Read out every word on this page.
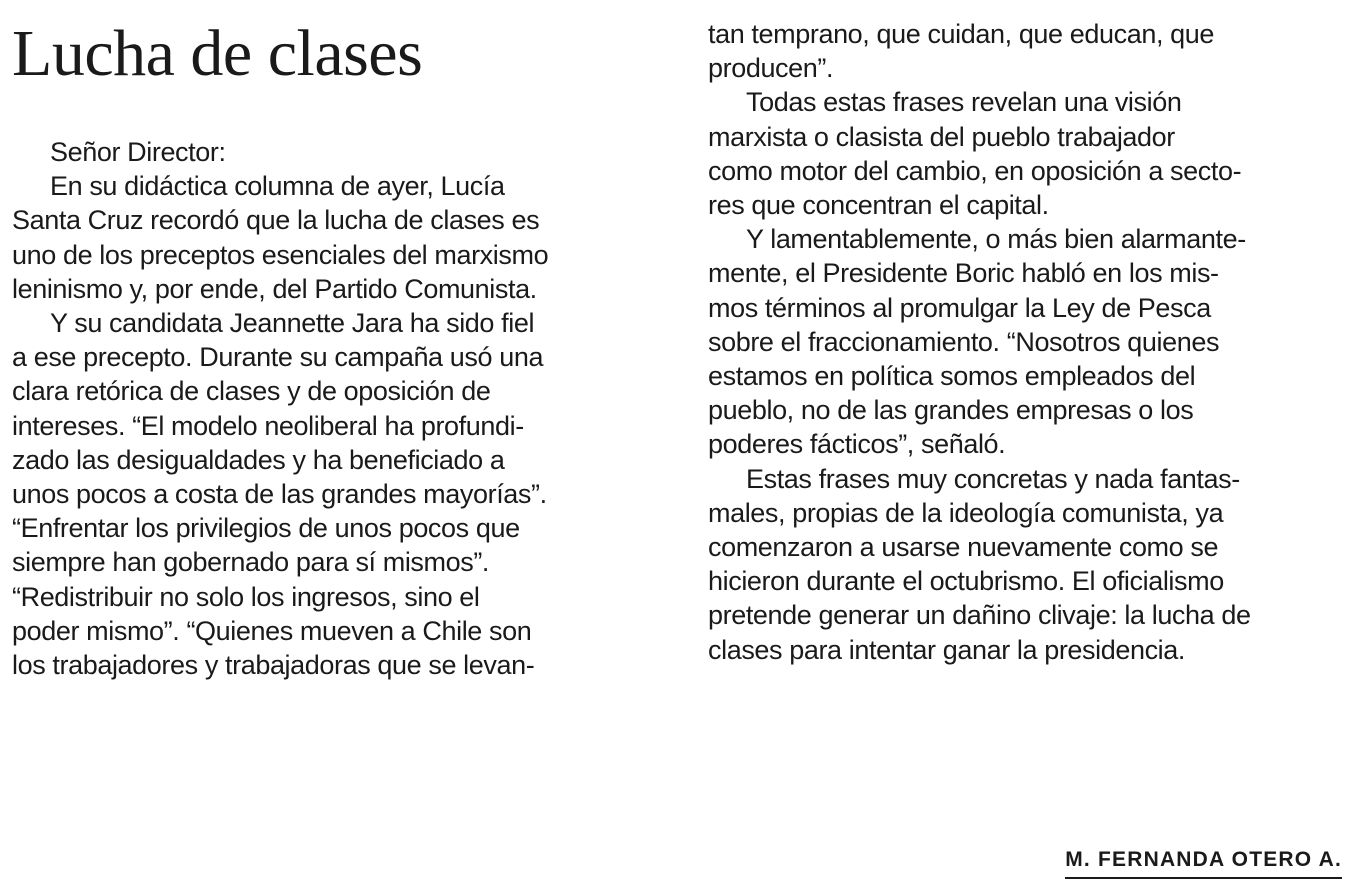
Lucha de clases

Señor Director:
En su didáctica columna de ayer, Lucía
Santa Cruz recordó que la lucha de clases es
uno de los preceptos esenciales del marxismo
leninismo y, por ende, del Partido Comunista.
Y su candidata Jeannette Jara ha sido fiel
a ese precepto. Durante su campaña usó una
clara retórica de clases y de oposición de
intereses. “El modelo neoliberal ha profundi-
zado las desigualdades y ha beneficiado a
unos pocos a costa de las grandes mayorías”.
“Enfrentar los privilegios de unos pocos que
siempre han gobernado para sí mismos”.
“Redistribuir no solo los ingresos, sino el
poder mismo”. “Quienes mueven a Chile son
los trabajadores y trabajadoras que se levan-

tan temprano, que cuidan, que educan, que
producen”.
Todas estas frases revelan una visión
marxista o clasista del pueblo trabajador
como motor del cambio, en oposición a secto-
res que concentran el capital.
Y lamentablemente, o más bien alarmante-
mente, el Presidente Boric habló en los mis-
mos términos al promulgar la Ley de Pesca
sobre el fraccionamiento. “Nosotros quienes
estamos en política somos empleados del
pueblo, no de las grandes empresas o los
poderes fácticos”, señaló.
Estas frases muy concretas y nada fantas-
males, propias de la ideología comunista, ya
comenzaron a usarse nuevamente como se
hicieron durante el octubrismo. El oficialismo
pretende generar un dañino clivaje: la lucha de
clases para intentar ganar la presidencia.

M. FERNANDA OTERO A.
